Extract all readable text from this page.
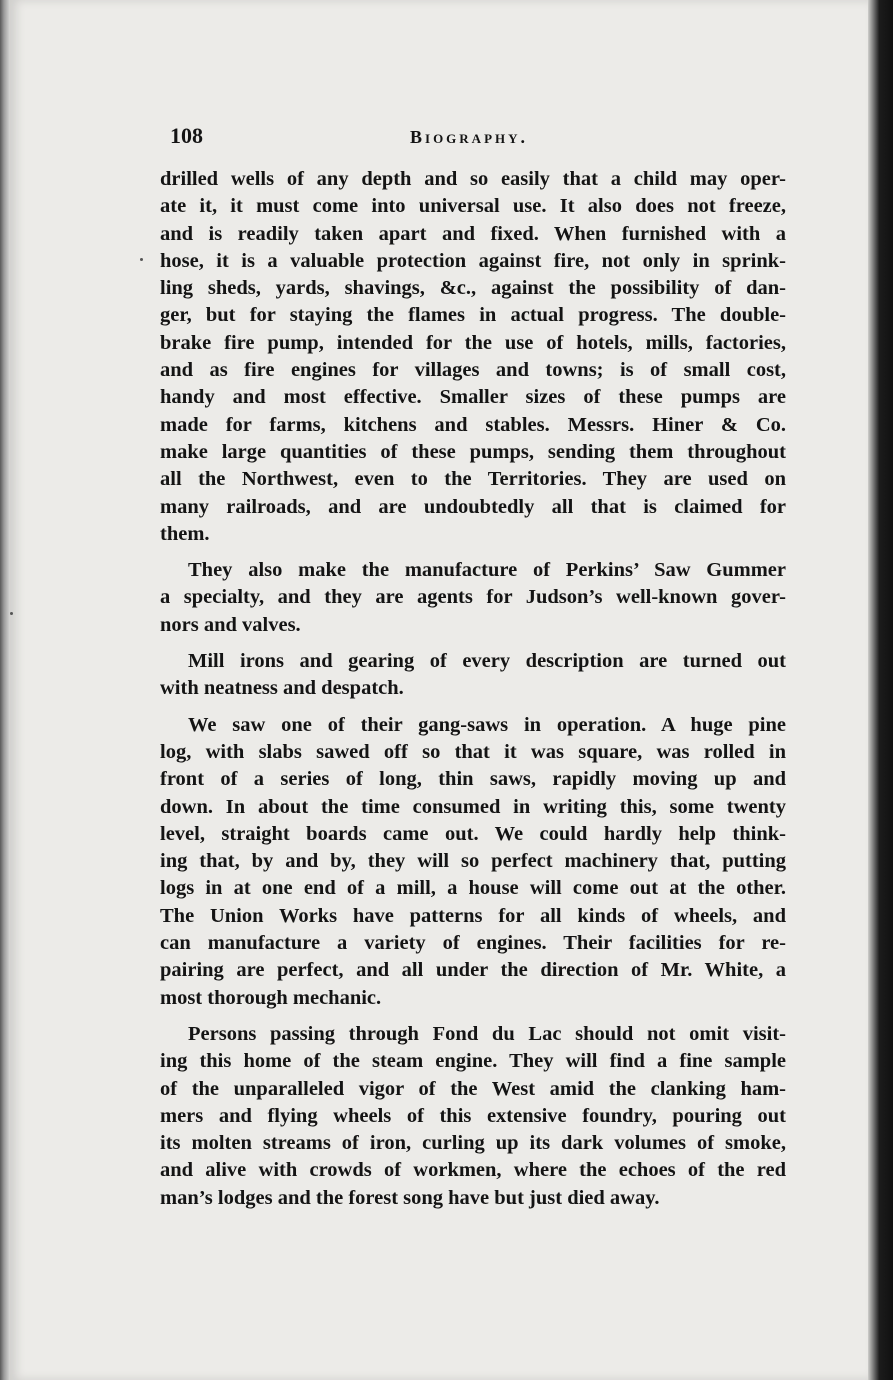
108	Biography.
drilled wells of any depth and so easily that a child may oper-
ate it, it must come into universal use. It also does not freeze,
and is readily taken apart and fixed. When furnished with a
hose, it is a valuable protection against fire, not only in sprink-
ling sheds, yards, shavings, &c., against the possibility of dan-
ger, but for staying the flames in actual progress. The double-
brake fire pump, intended for the use of hotels, mills, factories,
and as fire engines for villages and towns; is of small cost,
handy and most effective. Smaller sizes of these pumps are
made for farms, kitchens and stables. Messrs. Hiner & Co.
make large quantities of these pumps, sending them throughout
all the Northwest, even to the Territories. They are used on
many railroads, and are undoubtedly all that is claimed for
them.
They also make the manufacture of Perkins’ Saw Gummer
a specialty, and they are agents for Judson’s well-known gover-
nors and valves.
Mill irons and gearing of every description are turned out
with neatness and despatch.
We saw one of their gang-saws in operation. A huge pine
log, with slabs sawed off so that it was square, was rolled in
front of a series of long, thin saws, rapidly moving up and
down. In about the time consumed in writing this, some twenty
level, straight boards came out. We could hardly help think-
ing that, by and by, they will so perfect machinery that, putting
logs in at one end of a mill, a house will come out at the other.
The Union Works have patterns for all kinds of wheels, and
can manufacture a variety of engines. Their facilities for re-
pairing are perfect, and all under the direction of Mr. White, a
most thorough mechanic.
Persons passing through Fond du Lac should not omit visit-
ing this home of the steam engine. They will find a fine sample
of the unparalleled vigor of the West amid the clanking ham-
mers and flying wheels of this extensive foundry, pouring out
its molten streams of iron, curling up its dark volumes of smoke,
and alive with crowds of workmen, where the echoes of the red
man’s lodges and the forest song have but just died away.
